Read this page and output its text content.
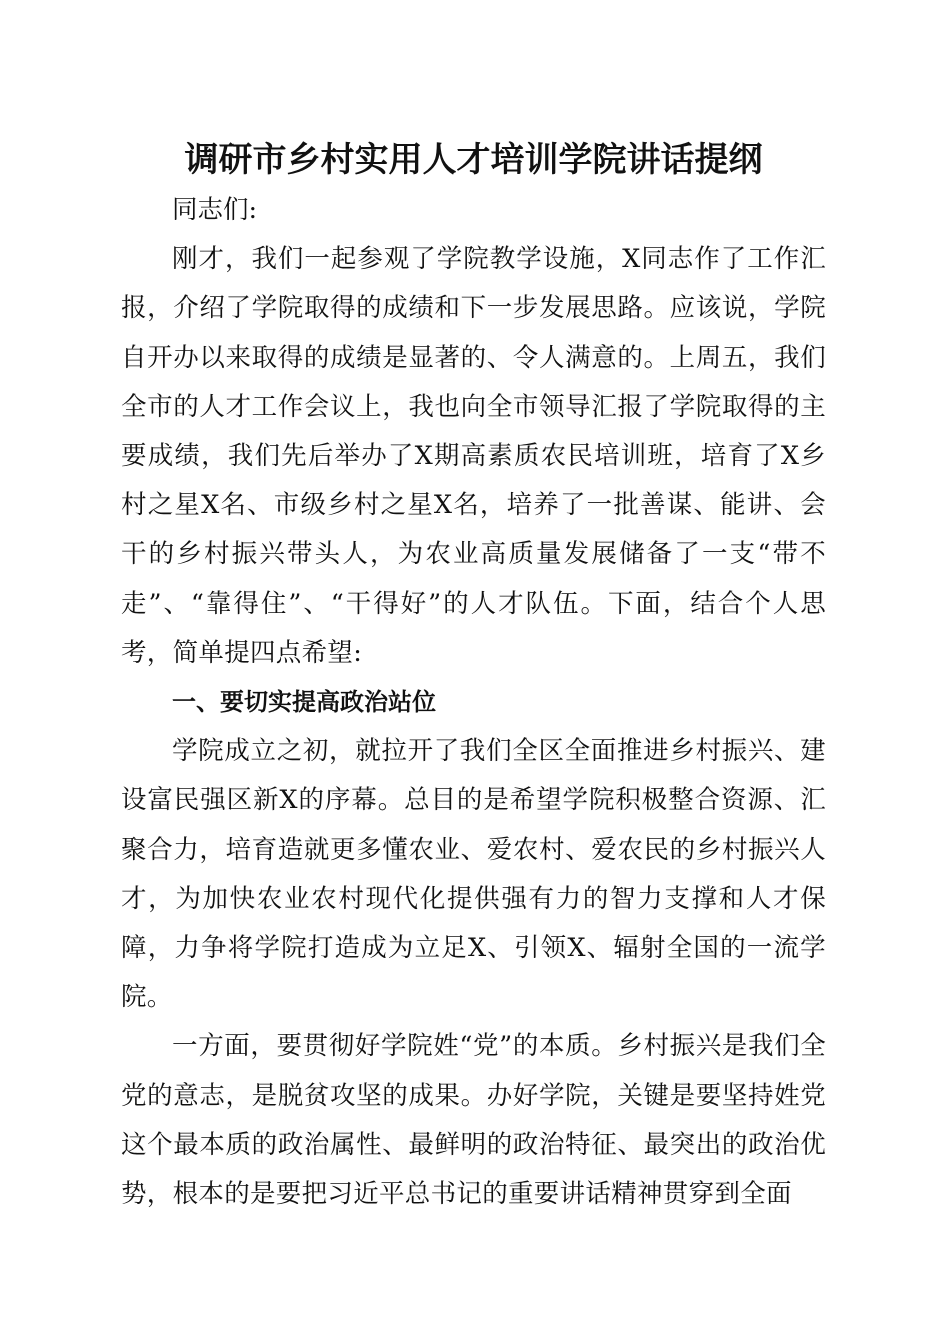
调研市乡村实用人才培训学院讲话提纲

同志们:

刚才，我们一起参观了学院教学设施，X同志作了工作汇报，介绍了学院取得的成绩和下一步发展思路。应该说，学院自开办以来取得的成绩是显著的、令人满意的。上周五，我们全市的人才工作会议上，我也向全市领导汇报了学院取得的主要成绩，我们先后举办了X期高素质农民培训班，培育了X乡村之星X名、市级乡村之星X名，培养了一批善谋、能讲、会干的乡村振兴带头人，为农业高质量发展储备了一支“带不走”、“靠得住”、“干得好”的人才队伍。下面，结合个人思考，简单提四点希望:

一、要切实提高政治站位

学院成立之初，就拉开了我们全区全面推进乡村振兴、建设富民强区新X的序幕。总目的是希望学院积极整合资源、汇聚合力，培育造就更多懂农业、爱农村、爱农民的乡村振兴人才，为加快农业农村现代化提供强有力的智力支撑和人才保障，力争将学院打造成为立足X、引领X、辐射全国的一流学院。

一方面，要贯彻好学院姓“党”的本质。乡村振兴是我们全党的意志，是脱贫攻坚的成果。办好学院，关键是要坚持姓党这个最本质的政治属性、最鲜明的政治特征、最突出的政治优势，根本的是要把习近平总书记的重要讲话精神贯穿到全面
